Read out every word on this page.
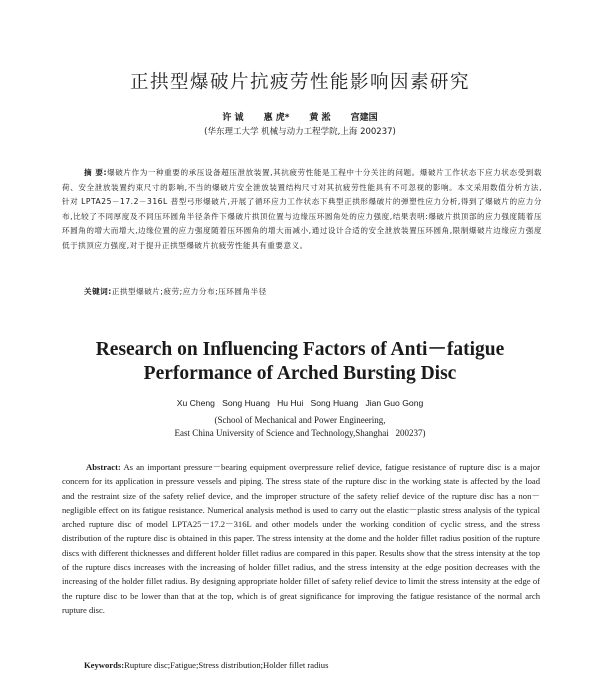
正拱型爆破片抗疲劳性能影响因素研究
许 诚 惠 虎* 黄 淞 宫建国
(华东理工大学 机械与动力工程学院,上海 200237)
摘 要:爆破片作为一种重要的承压设备超压泄放装置,其抗疲劳性能是工程中十分关注的问题。爆破片工作状态下应力状态受到载荷、安全泄放装置约束尺寸的影响,不当的爆破片安全泄放装置结构尺寸对其抗疲劳性能具有不可忽视的影响。本文采用数值分析方法,针对 LPTA25－17.2－316L 普型弓形爆破片,开展了循环应力工作状态下典型正拱形爆破片的弹塑性应力分析,得到了爆破片的应力分布,比较了不同厚度及不同压环圆角半径条件下爆破片拱顶位置与边缘压环圆角处的应力强度,结果表明:爆破片拱顶部的应力强度随着压环圆角的增大而增大,边缘位置的应力强度随着压环圆角的增大而减小,通过设计合适的安全泄放装置压环圆角,限制爆破片边缘应力强度低于拱顶应力强度,对于提升正拱型爆破片抗疲劳性能具有重要意义。
关键词:正拱型爆破片;疲劳;应力分布;压环圆角半径
Research on Influencing Factors of Anti－fatigue
Performance of Arched Bursting Disc
Xu Cheng   Song Huang   Hu Hui   Song Huang   Jian Guo Gong
(School of Mechanical and Power Engineering,
East China University of Science and Technology,Shanghai   200237)
Abstract: As an important pressure－bearing equipment overpressure relief device, fatigue resistance of rupture disc is a major concern for its application in pressure vessels and piping. The stress state of the rupture disc in the working state is affected by the load and the restraint size of the safety relief device, and the improper structure of the safety relief device of the rupture disc has a non－negligible effect on its fatigue resistance. Numerical analysis method is used to carry out the elastic－plastic stress analysis of the typical arched rupture disc of model LPTA25－17.2－316L and other models under the working condition of cyclic stress, and the stress distribution of the rupture disc is obtained in this paper. The stress intensity at the dome and the holder fillet radius position of the rupture discs with different thicknesses and different holder fillet radius are compared in this paper. Results show that the stress intensity at the top of the rupture discs increases with the increasing of holder fillet radius, and the stress intensity at the edge position decreases with the increasing of the holder fillet radius. By designing appropriate holder fillet of safety relief device to limit the stress intensity at the edge of the rupture disc to be lower than that at the top, which is of great significance for improving the fatigue resistance of the normal arch rupture disc.
Keywords:Rupture disc;Fatigue;Stress distribution;Holder fillet radius
